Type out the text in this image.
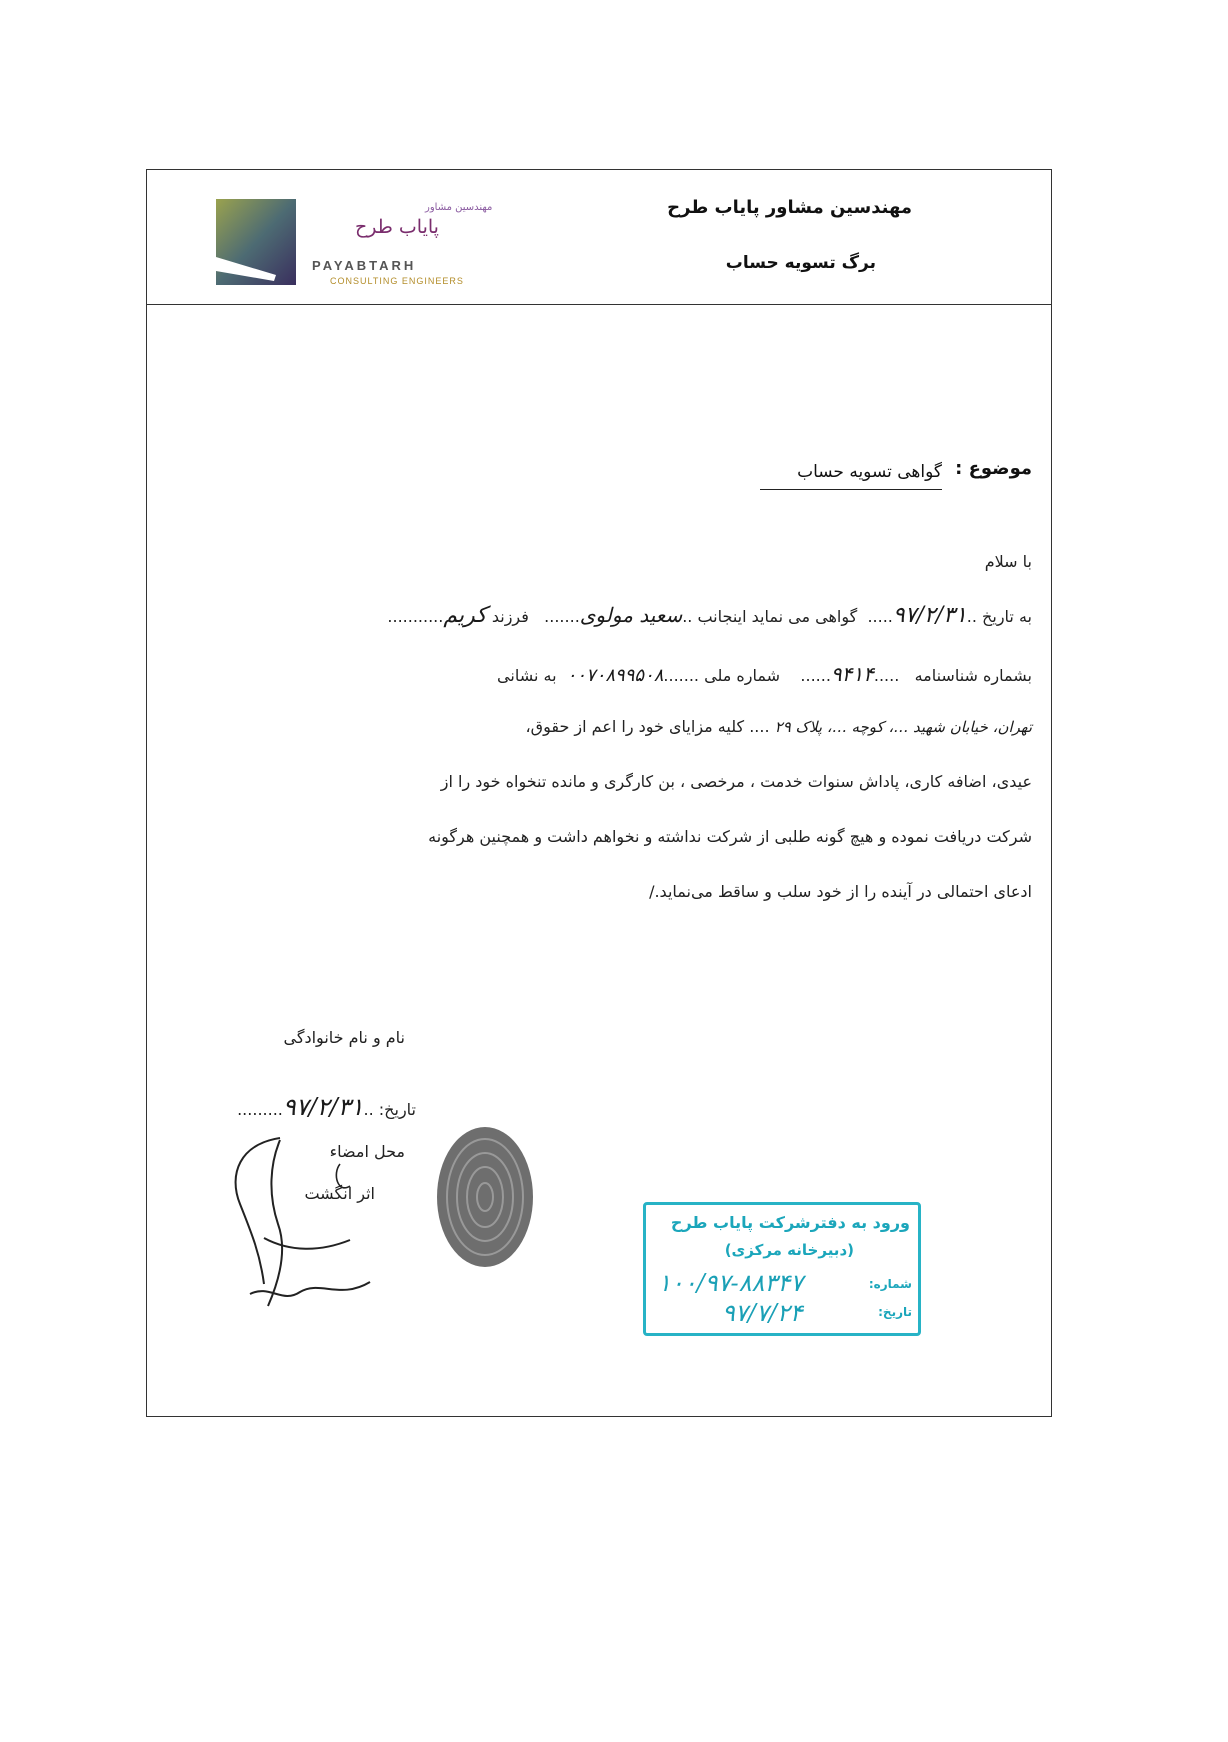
مهندسین مشاور پایاب طرح
برگ تسویه حساب
مهندسین مشاور
پایاب طرح
PAYABTARH
CONSULTING ENGINEERS
موضوع :
گواهی تسویه حساب
با سلام
به تاریخ ..۹۷/۲/۳۱.....  گواهی می نماید اینجانب ..سعید مولوی.......   فرزند کریم...........
بشماره شناسنامه   .....۹۴۱۴......    شماره ملی .......۰۰۷۰۸۹۹۵۰۸  به نشانی
تهران، خیابان شهید …، کوچه …، پلاک ۲۹ .... کلیه مزایای خود را اعم از حقوق،
عیدی، اضافه کاری، پاداش سنوات خدمت ، مرخصی ، بن کارگری و مانده تنخواه خود را از
شرکت دریافت نموده و هیچ گونه طلبی از شرکت نداشته و نخواهم داشت و همچنین هرگونه
ادعای احتمالی در آینده را از خود سلب و ساقط می‌نماید./
نام و نام خانوادگی
تاریخ: ..۹۷/۲/۳۱.........
محل امضاء
اثر انگشت
ورود به دفترشرکت پایاب طرح
(دبیرخانه مرکزی)
شماره:
تاریخ:
۱۰۰/۹۷-۸۸۳۴۷
۹۷/۷/۲۴
